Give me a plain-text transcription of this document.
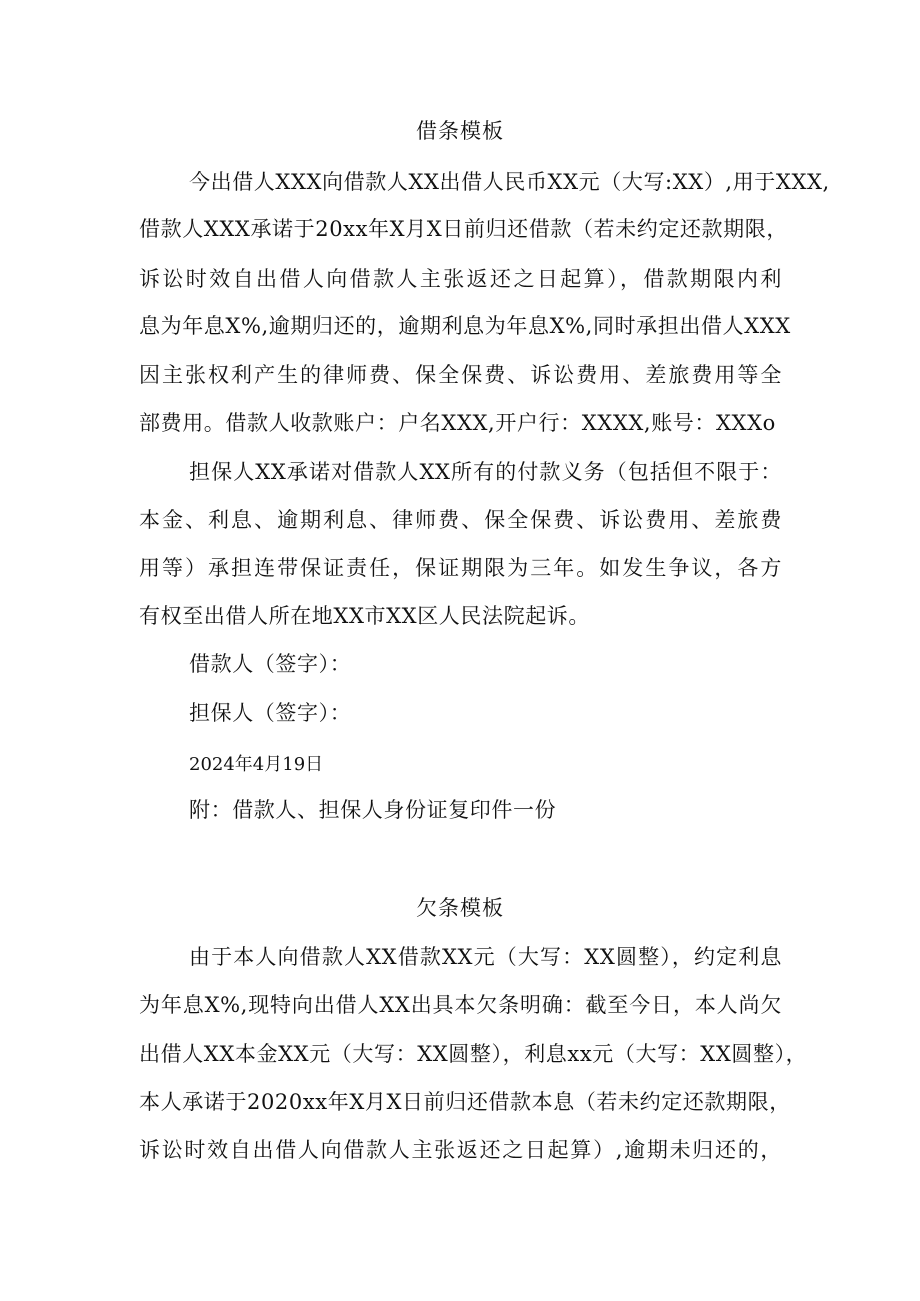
借条模板
今出借人XXX向借款人XX出借人民币XX元（大写:XX）,用于XXX,
借款人XXX承诺于20xx年X月X日前归还借款（若未约定还款期限，
诉讼时效自出借人向借款人主张返还之日起算），借款期限内利
息为年息X%,逾期归还的，逾期利息为年息X%,同时承担出借人XXX
因主张权利产生的律师费、保全保费、诉讼费用、差旅费用等全
部费用。借款人收款账户：户名XXX,开户行：XXXX,账号：XXXo
担保人XX承诺对借款人XX所有的付款义务（包括但不限于：
本金、利息、逾期利息、律师费、保全保费、诉讼费用、差旅费
用等）承担连带保证责任，保证期限为三年。如发生争议，各方
有权至出借人所在地XX市XX区人民法院起诉。
借款人（签字）：
担保人（签字）：
2024年4月19日
附：借款人、担保人身份证复印件一份
欠条模板
由于本人向借款人XX借款XX元（大写：XX圆整），约定利息
为年息X%,现特向出借人XX出具本欠条明确：截至今日，本人尚欠
出借人XX本金XX元（大写：XX圆整），利息xx元（大写：XX圆整），
本人承诺于2020xx年X月X日前归还借款本息（若未约定还款期限，
诉讼时效自出借人向借款人主张返还之日起算）,逾期未归还的，
